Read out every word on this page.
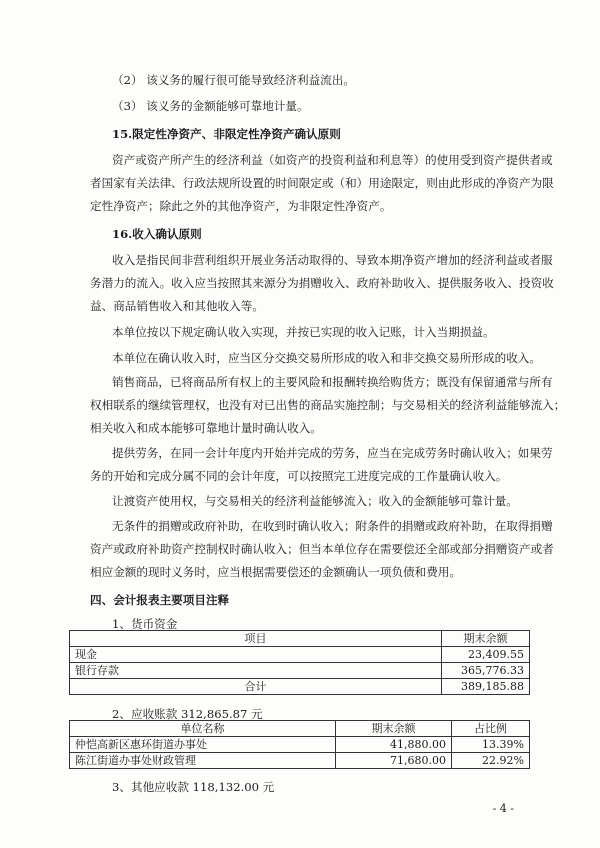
（2） 该义务的履行很可能导致经济利益流出。
（3） 该义务的金额能够可靠地计量。
15.限定性净资产、非限定性净资产确认原则
资产或资产所产生的经济利益（如资产的投资利益和利息等）的使用受到资产提供者或
者国家有关法律、行政法规所设置的时间限定或（和）用途限定，则由此形成的净资产为限
定性净资产；除此之外的其他净资产，为非限定性净资产。
16.收入确认原则
收入是指民间非营利组织开展业务活动取得的、导致本期净资产增加的经济利益或者服
务潜力的流入。收入应当按照其来源分为捐赠收入、政府补助收入、提供服务收入、投资收
益、商品销售收入和其他收入等。
本单位按以下规定确认收入实现，并按已实现的收入记账，计入当期损益。
本单位在确认收入时，应当区分交换交易所形成的收入和非交换交易所形成的收入。
销售商品，已将商品所有权上的主要风险和报酬转换给购货方；既没有保留通常与所有
权相联系的继续管理权，也没有对已出售的商品实施控制；与交易相关的经济利益能够流入；
相关收入和成本能够可靠地计量时确认收入。
提供劳务，在同一会计年度内开始并完成的劳务，应当在完成劳务时确认收入；如果劳
务的开始和完成分属不同的会计年度，可以按照完工进度完成的工作量确认收入。
让渡资产使用权，与交易相关的经济利益能够流入；收入的金额能够可靠计量。
无条件的捐赠或政府补助，在收到时确认收入；附条件的捐赠或政府补助，在取得捐赠
资产或政府补助资产控制权时确认收入；但当本单位存在需要偿还全部或部分捐赠资产或者
相应金额的现时义务时，应当根据需要偿还的金额确认一项负债和费用。
四、会计报表主要项目注释
1、货币资金
2、应收账款 312,865.87 元
3、其他应收款 118,132.00 元
项目	期末余额
现金	23,409.55
银行存款	365,776.33
合计	389,185.88
单位名称	期末余额	占比例
仲恺高新区惠环街道办事处	41,880.00	13.39%
陈江街道办事处财政管理	71,680.00	22.92%
- 4 -
